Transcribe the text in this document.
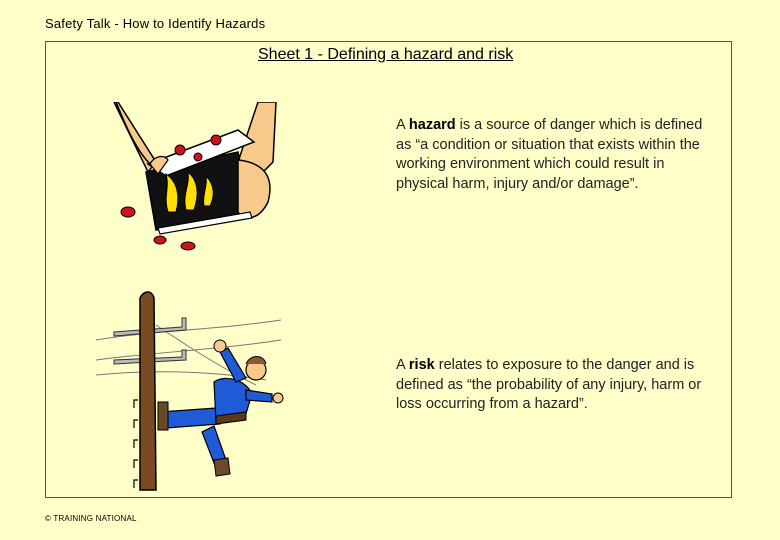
Safety Talk - How to Identify Hazards
Sheet 1 - Defining a hazard and risk
A hazard is a source of danger which is defined as “a condition or situation that exists within the working environment which could result in physical harm, injury and/or damage”.
A risk relates to exposure to the danger and is defined as “the probability of any injury, harm or loss occurring from a hazard”.
© TRAINING NATIONAL
